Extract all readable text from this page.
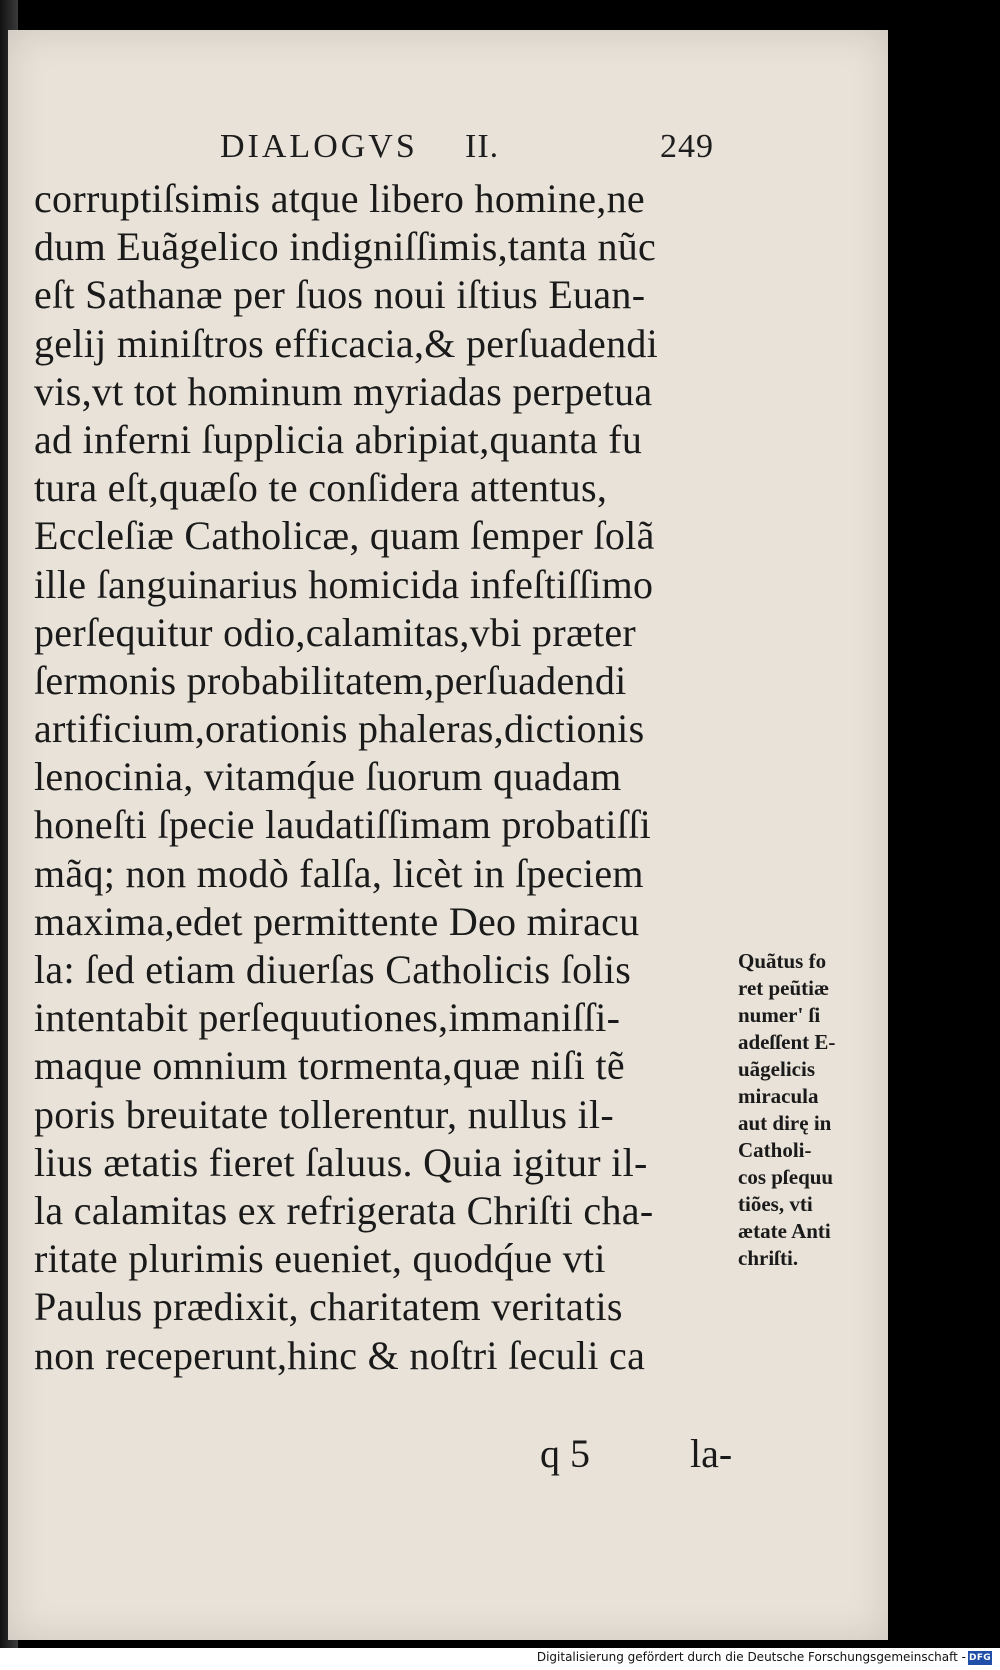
DIALOGVS II.	249
corruptiſsimis atque libero homine,ne
dum Euãgelico indigniſſimis,tanta nũc
eſt Sathanæ per ſuos noui iſtius Euan-
gelij miniſtros efficacia,& perſuadendi
vis,vt tot hominum myriadas perpetua
ad inferni ſupplicia abripiat,quanta fu
tura eſt,quæſo te conſidera attentus,
Eccleſiæ Catholicæ, quam ſemper ſolã
ille ſanguinarius homicida infeſtiſſimo
perſequitur odio,calamitas,vbi præter
ſermonis probabilitatem,perſuadendi
artificium,orationis phaleras,dictionis
lenocinia, vitamq́ue ſuorum quadam
honeſti ſpecie laudatiſſimam probatiſſi
mãq; non modò falſa, licèt in ſpeciem
maxima,edet permittente Deo miracu
la: ſed etiam diuerſas Catholicis ſolis
intentabit perſequutiones,immaniſſi-
maque omnium tormenta,quæ niſi tẽ
poris breuitate tollerentur, nullus il-
lius ætatis fieret ſaluus. Quia igitur il-
la calamitas ex refrigerata Chriſti cha-
ritate plurimis eueniet, quodq́ue vti
Paulus prædixit, charitatem veritatis
non receperunt,hinc & noſtri ſeculi ca
Quãtus fo
ret peũtiæ
numer' ſi
adeſſent E-
uãgelicis
miracula
aut dirę in
Catholi-
cos pſequu
tiões, vti
ætate Anti
chriſti.
q 5	la-
Digitalisierung gefördert durch die Deutsche Forschungsgemeinschaft - DFG
